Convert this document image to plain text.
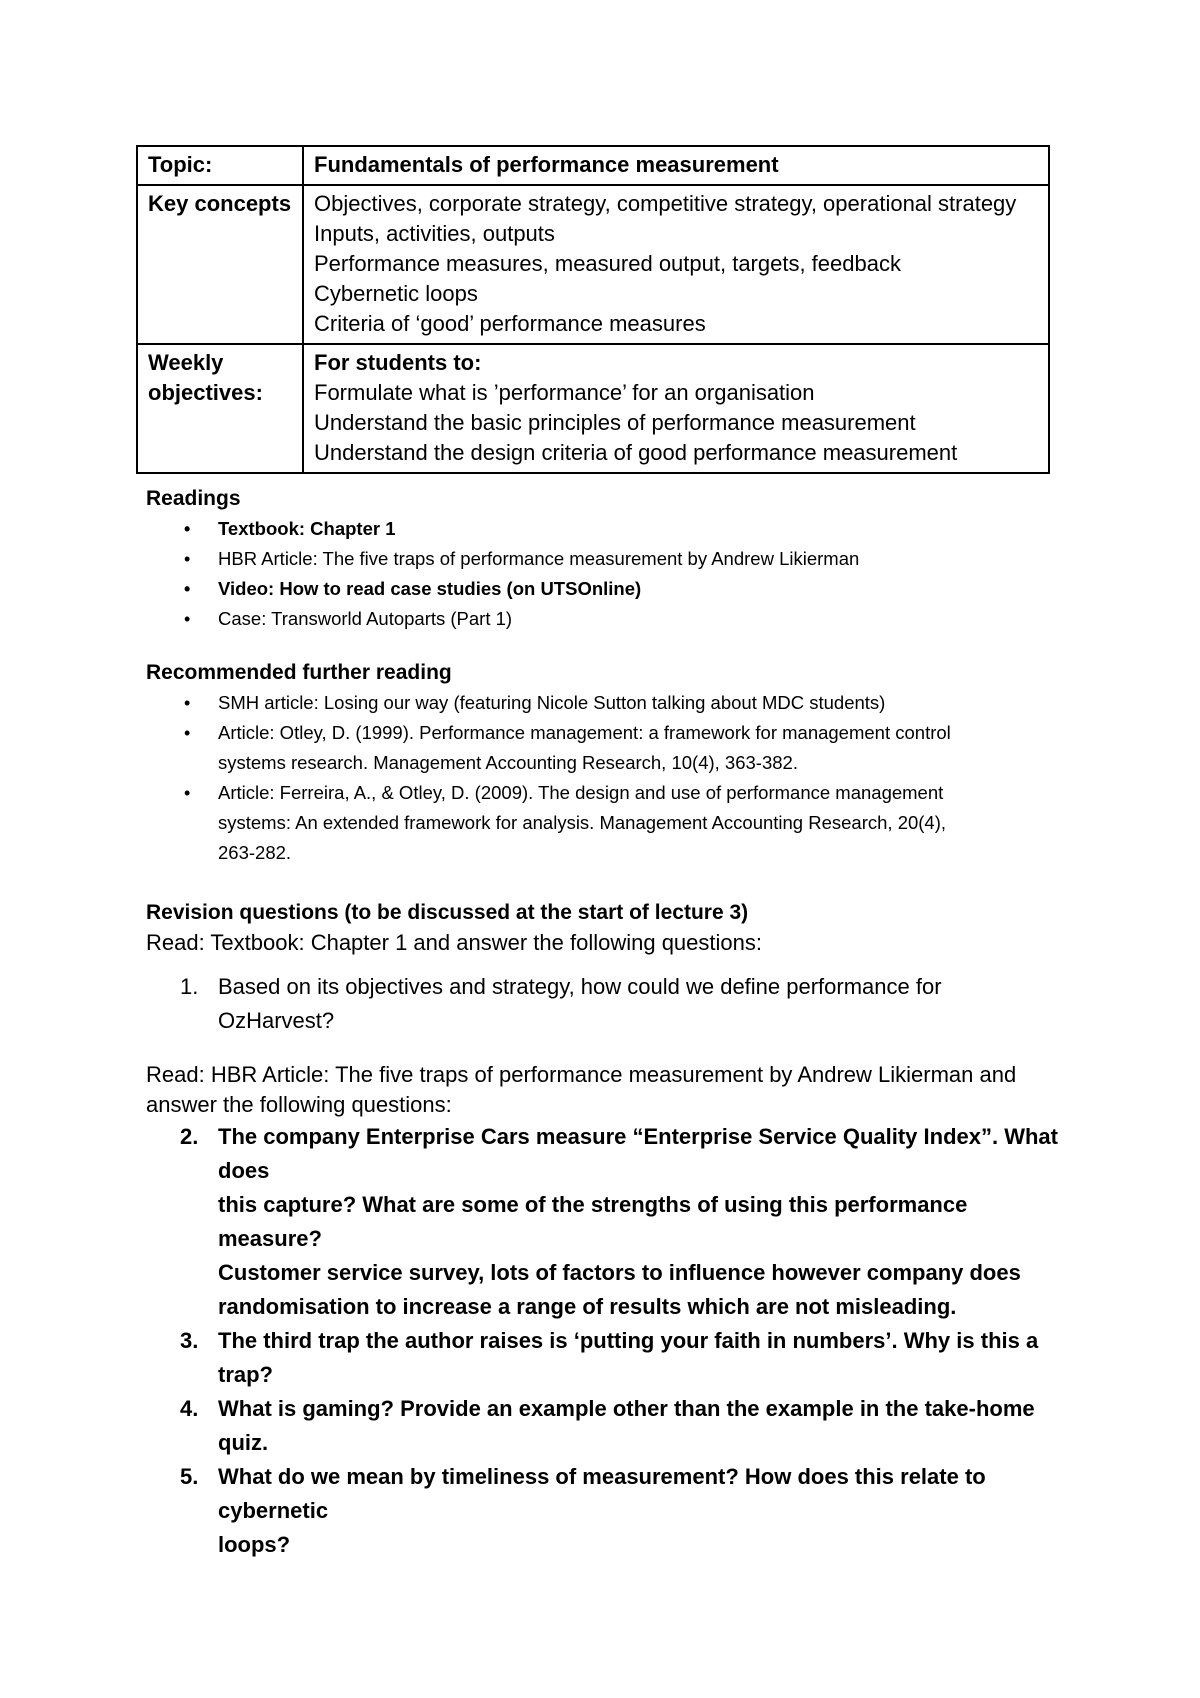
Topic:	Fundamentals of performance measurement

Key concepts	Objectives, corporate strategy, competitive strategy, operational strategy
Inputs, activities, outputs
Performance measures, measured output, targets, feedback
Cybernetic loops
Criteria of ‘good’ performance measures

Weekly
objectives:	For students to:
Formulate what is ’performance’ for an organisation
Understand the basic principles of performance measurement
Understand the design criteria of good performance measurement
Readings
• Textbook: Chapter 1
• HBR Article: The five traps of performance measurement by Andrew Likierman
• Video: How to read case studies (on UTSOnline)
• Case: Transworld Autoparts (Part 1)
Recommended further reading
• SMH article: Losing our way (featuring Nicole Sutton talking about MDC students)
• Article: Otley, D. (1999). Performance management: a framework for management control
systems research. Management Accounting Research, 10(4), 363-382.
• Article: Ferreira, A., & Otley, D. (2009). The design and use of performance management
systems: An extended framework for analysis. Management Accounting Research, 20(4),
263-282.
Revision questions (to be discussed at the start of lecture 3)
Read: Textbook: Chapter 1 and answer the following questions:
1. Based on its objectives and strategy, how could we define performance for
OzHarvest?
Read: HBR Article: The five traps of performance measurement by Andrew Likierman and
answer the following questions:
2. The company Enterprise Cars measure “Enterprise Service Quality Index”. What does
this capture? What are some of the strengths of using this performance measure?
Customer service survey, lots of factors to influence however company does
randomisation to increase a range of results which are not misleading.
3. The third trap the author raises is ‘putting your faith in numbers’. Why is this a trap?
4. What is gaming? Provide an example other than the example in the take-home quiz.
5. What do we mean by timeliness of measurement? How does this relate to cybernetic
loops?
